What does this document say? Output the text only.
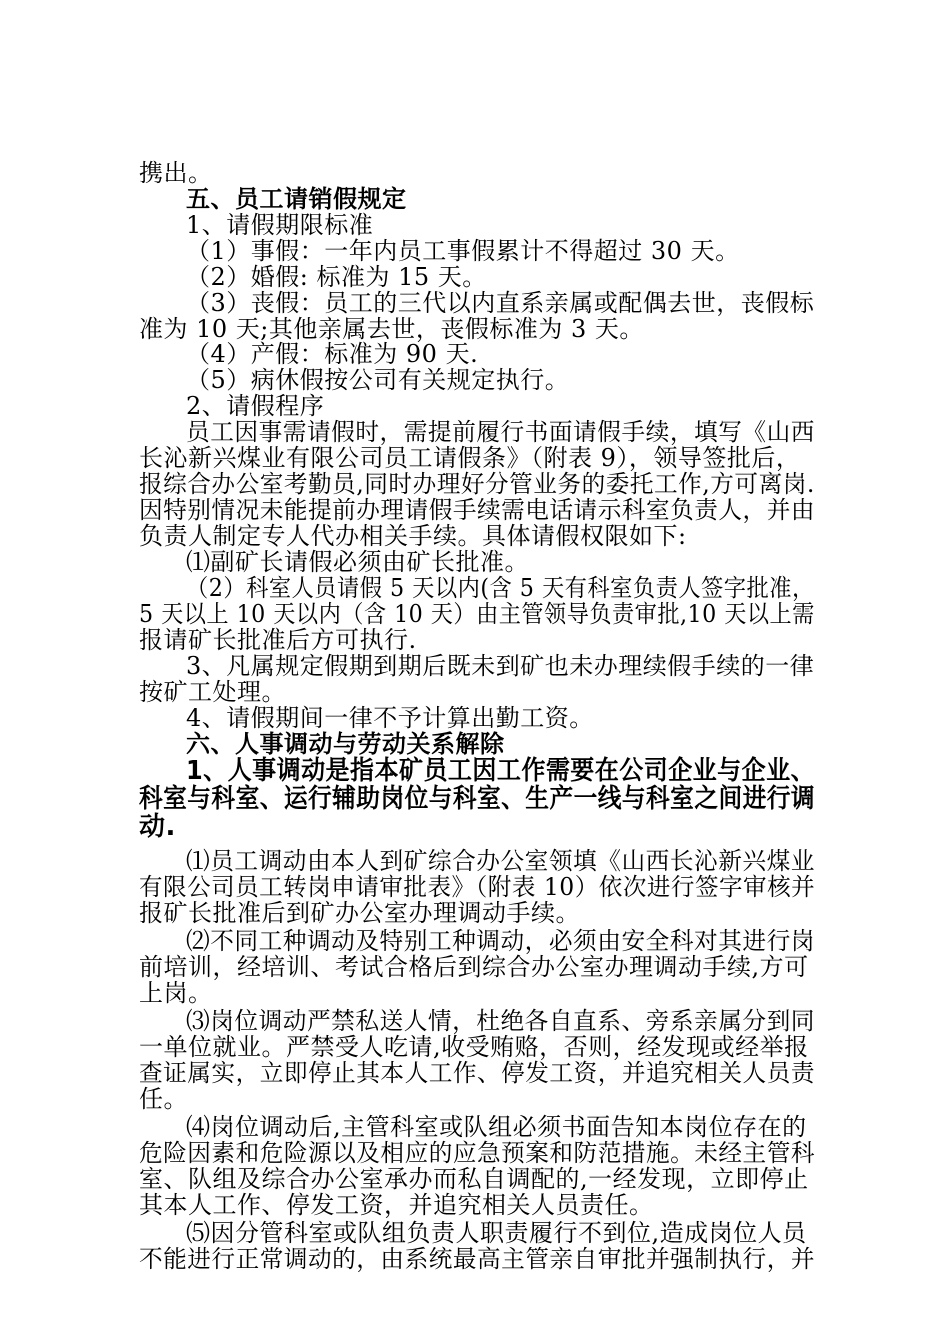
携出。
五、员工请销假规定
1、请假期限标准
（1）事假：一年内员工事假累计不得超过 30 天。
（2）婚假: 标准为 15 天。
（3）丧假：员工的三代以内直系亲属或配偶去世，丧假标
准为 10 天;其他亲属去世，丧假标准为 3 天。
（4）产假：标准为 90 天.
（5）病休假按公司有关规定执行。
2、请假程序
员工因事需请假时，需提前履行书面请假手续，填写《山西
长沁新兴煤业有限公司员工请假条》（附表 9），领导签批后，
报综合办公室考勤员,同时办理好分管业务的委托工作,方可离岗.
因特别情况未能提前办理请假手续需电话请示科室负责人，并由
负责人制定专人代办相关手续。具体请假权限如下:
⑴副矿长请假必须由矿长批准。
（2）科室人员请假 5 天以内(含 5 天有科室负责人签字批准，
5 天以上 10 天以内（含 10 天）由主管领导负责审批,10 天以上需
报请矿长批准后方可执行.
3、凡属规定假期到期后既未到矿也未办理续假手续的一律
按矿工处理。
4、请假期间一律不予计算出勤工资。
六、人事调动与劳动关系解除
1、人事调动是指本矿员工因工作需要在公司企业与企业、
科室与科室、运行辅助岗位与科室、生产一线与科室之间进行调
动.
⑴员工调动由本人到矿综合办公室领填《山西长沁新兴煤业
有限公司员工转岗申请审批表》（附表 10）依次进行签字审核并
报矿长批准后到矿办公室办理调动手续。
⑵不同工种调动及特别工种调动，必须由安全科对其进行岗
前培训，经培训、考试合格后到综合办公室办理调动手续,方可
上岗。
⑶岗位调动严禁私送人情，杜绝各自直系、旁系亲属分到同
一单位就业。严禁受人吃请,收受贿赂，否则，经发现或经举报
查证属实，立即停止其本人工作、停发工资，并追究相关人员责
任。
⑷岗位调动后,主管科室或队组必须书面告知本岗位存在的
危险因素和危险源以及相应的应急预案和防范措施。未经主管科
室、队组及综合办公室承办而私自调配的,一经发现，立即停止
其本人工作、停发工资，并追究相关人员责任。
⑸因分管科室或队组负责人职责履行不到位,造成岗位人员
不能进行正常调动的，由系统最高主管亲自审批并强制执行，并
